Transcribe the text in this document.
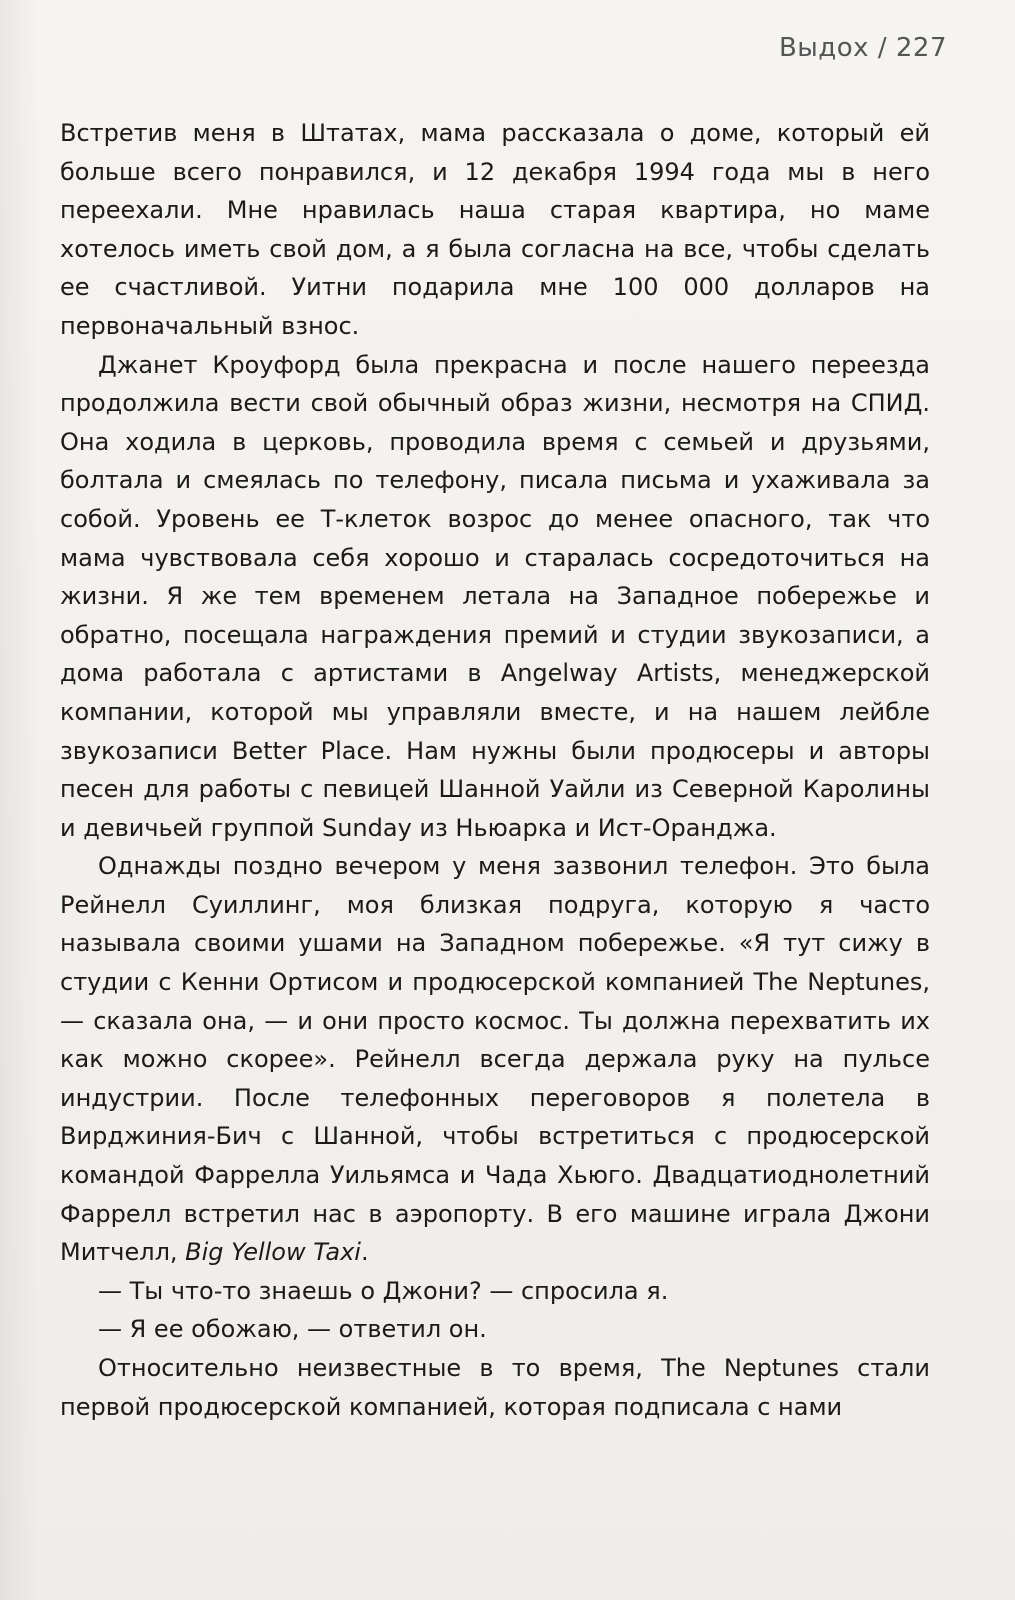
Выдох / 227

Встретив меня в Штатах, мама рассказала о доме, который ей больше всего понравился, и 12 декабря 1994 года мы в него переехали. Мне нравилась наша старая квартира, но маме хотелось иметь свой дом, а я была согласна на все, чтобы сделать ее счастливой. Уитни подарила мне 100 000 долларов на первоначальный взнос.

Джанет Кроуфорд была прекрасна и после нашего переезда продолжила вести свой обычный образ жизни, несмотря на СПИД. Она ходила в церковь, проводила время с семьей и друзьями, болтала и смеялась по телефону, писала письма и ухаживала за собой. Уровень ее Т-клеток возрос до менее опасного, так что мама чувствовала себя хорошо и старалась сосредоточиться на жизни. Я же тем временем летала на Западное побережье и обратно, посещала награждения премий и студии звукозаписи, а дома работала с артистами в Angelway Artists, менеджерской компании, которой мы управляли вместе, и на нашем лейбле звукозаписи Better Place. Нам нужны были продюсеры и авторы песен для работы с певицей Шанной Уайли из Северной Каролины и девичьей группой Sunday из Ньюарка и Ист-Оранджа.

Однажды поздно вечером у меня зазвонил телефон. Это была Рейнелл Суиллинг, моя близкая подруга, которую я часто называла своими ушами на Западном побережье. «Я тут сижу в студии с Кенни Ортисом и продюсерской компанией The Neptunes, — сказала она, — и они просто космос. Ты должна перехватить их как можно скорее». Рейнелл всегда держала руку на пульсе индустрии. После телефонных переговоров я полетела в Вирджиния-Бич с Шанной, чтобы встретиться с продюсерской командой Фаррелла Уильямса и Чада Хьюго. Двадцатиоднолетний Фаррелл встретил нас в аэропорту. В его машине играла Джони Митчелл, Big Yellow Taxi.

— Ты что-то знаешь о Джони? — спросила я.

— Я ее обожаю, — ответил он.

Относительно неизвестные в то время, The Neptunes стали первой продюсерской компанией, которая подписала с нами
